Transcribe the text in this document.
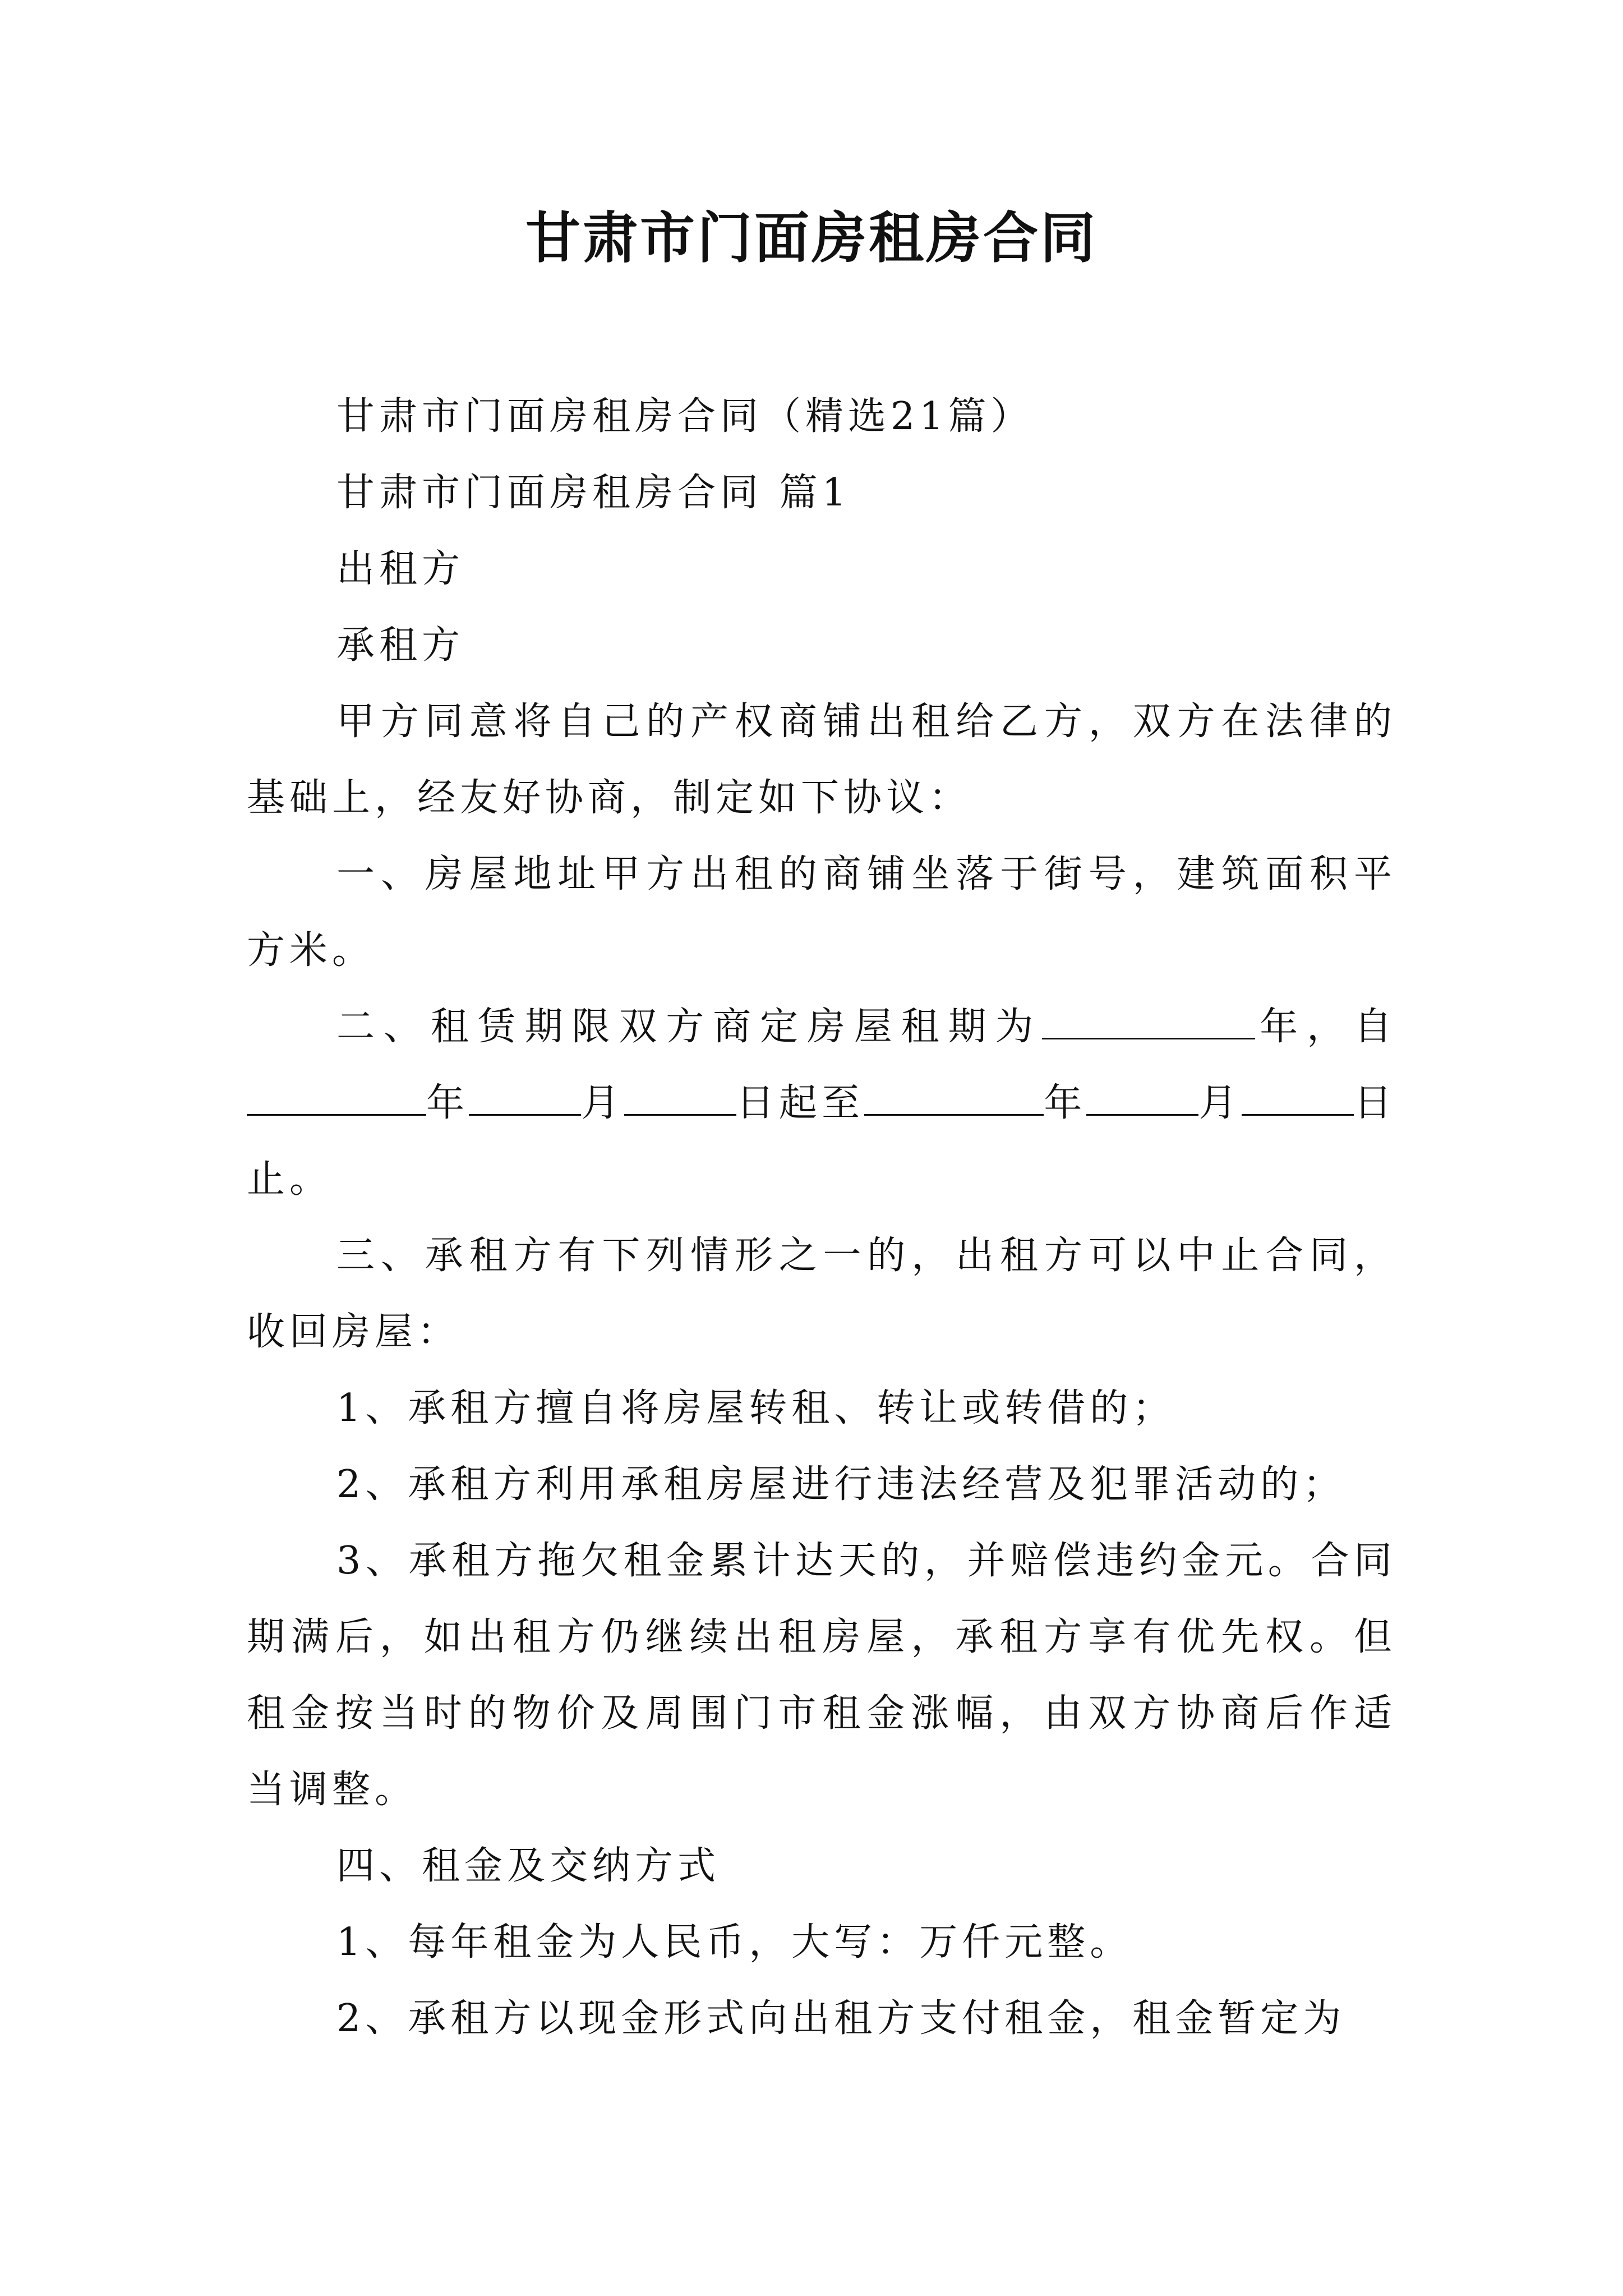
甘肃市门面房租房合同

甘肃市门面房租房合同（精选21篇）

甘肃市门面房租房合同 篇1

出租方

承租方

甲方同意将自己的产权商铺出租给乙方，双方在法律的基础上，经友好协商，制定如下协议：

一、房屋地址甲方出租的商铺坐落于街号，建筑面积平方米。

二、租赁期限双方商定房屋租期为	年，自年	月	日起至	年	月	日止。

三、承租方有下列情形之一的，出租方可以中止合同，收回房屋：

1、承租方擅自将房屋转租、转让或转借的；

2、承租方利用承租房屋进行违法经营及犯罪活动的；

3、承租方拖欠租金累计达天的，并赔偿违约金元。合同期满后，如出租方仍继续出租房屋，承租方享有优先权。但租金按当时的物价及周围门市租金涨幅，由双方协商后作适当调整。

四、租金及交纳方式

1、每年租金为人民币，大写：万仟元整。

2、承租方以现金形式向出租方支付租金，租金暂定为
